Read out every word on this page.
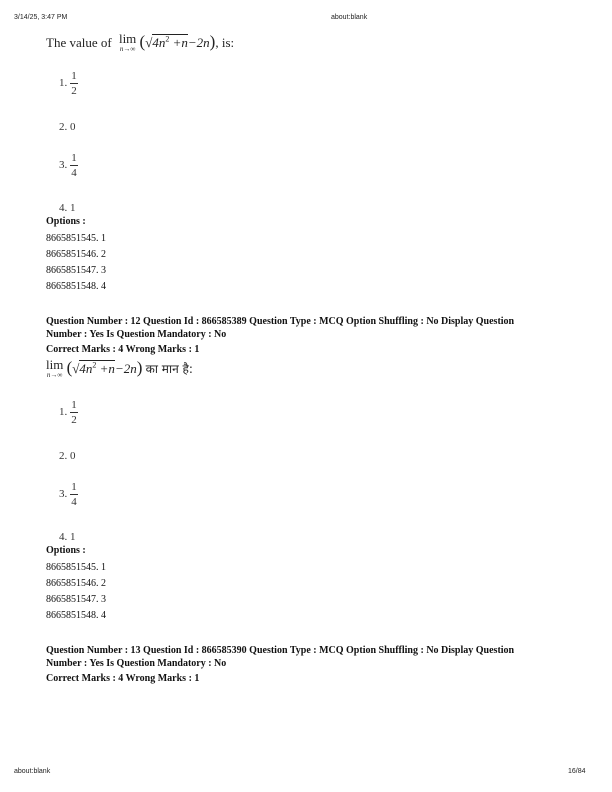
3/14/25, 3:47 PM	about:blank
The value of lim
n→∞ $(√4n^2 +n-2n)$, is:
1. $\frac{1}{2}$
2. 0
3. $\frac{1}{4}$
4. 1
Options :
8665851545. 1
8665851546. 2
8665851547. 3
8665851548. 4
Question Number : 12 Question Id : 866585389 Question Type : MCQ Option Shuffling : No Display Question
Number : Yes Is Question Mandatory : No
Correct Marks : 4 Wrong Marks : 1
lim
n→∞ $(√4n^2 +n-2n)$ का मान है:
1. $\frac{1}{2}$
2. 0
3. $\frac{1}{4}$
4. 1
Options :
8665851545. 1
8665851546. 2
8665851547. 3
8665851548. 4
Question Number : 13 Question Id : 866585390 Question Type : MCQ Option Shuffling : No Display Question
Number : Yes Is Question Mandatory : No
Correct Marks : 4 Wrong Marks : 1
about:blank	16/84
